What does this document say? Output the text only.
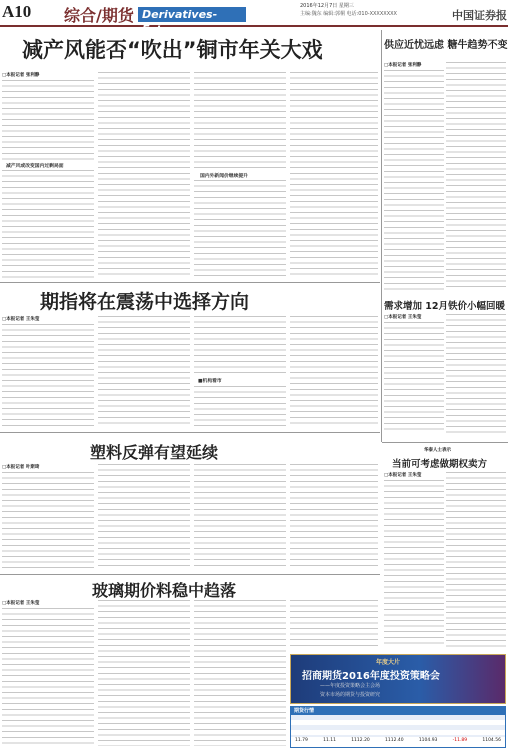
A10 综合/期货 Derivatives-Futures
2016年12月7日 星期三
主编:魏东 编辑:郭桐 电话:010-XXXXXXXX	中国证券报
减产风能否“吹出”铜市年关大戏
□本报记者 张利静
减产风或改变国内过剩局面
国内外新闻价继续提升
供应近忧远虑 糖牛趋势不变
□本报记者 张利静
期指将在震荡中选择方向
□本报记者 王朱莹
■机构看市
需求增加 12月铁价小幅回暖
□本报记者 王朱莹
塑料反弹有望延续
□本报记者 叶斯琦
华泰人士表示
当前可考虑做期权卖方
□本报记者 王朱莹
玻璃期价料稳中趋落
□本报记者 王朱莹
年度大片
招商期货2016年度投资策略会
——年度投资策略会主会场
资本市场的期货与投资研究
期货行情
11.79	11.11	1112.20	1112.40	1104.93	-11.89	1104.56
